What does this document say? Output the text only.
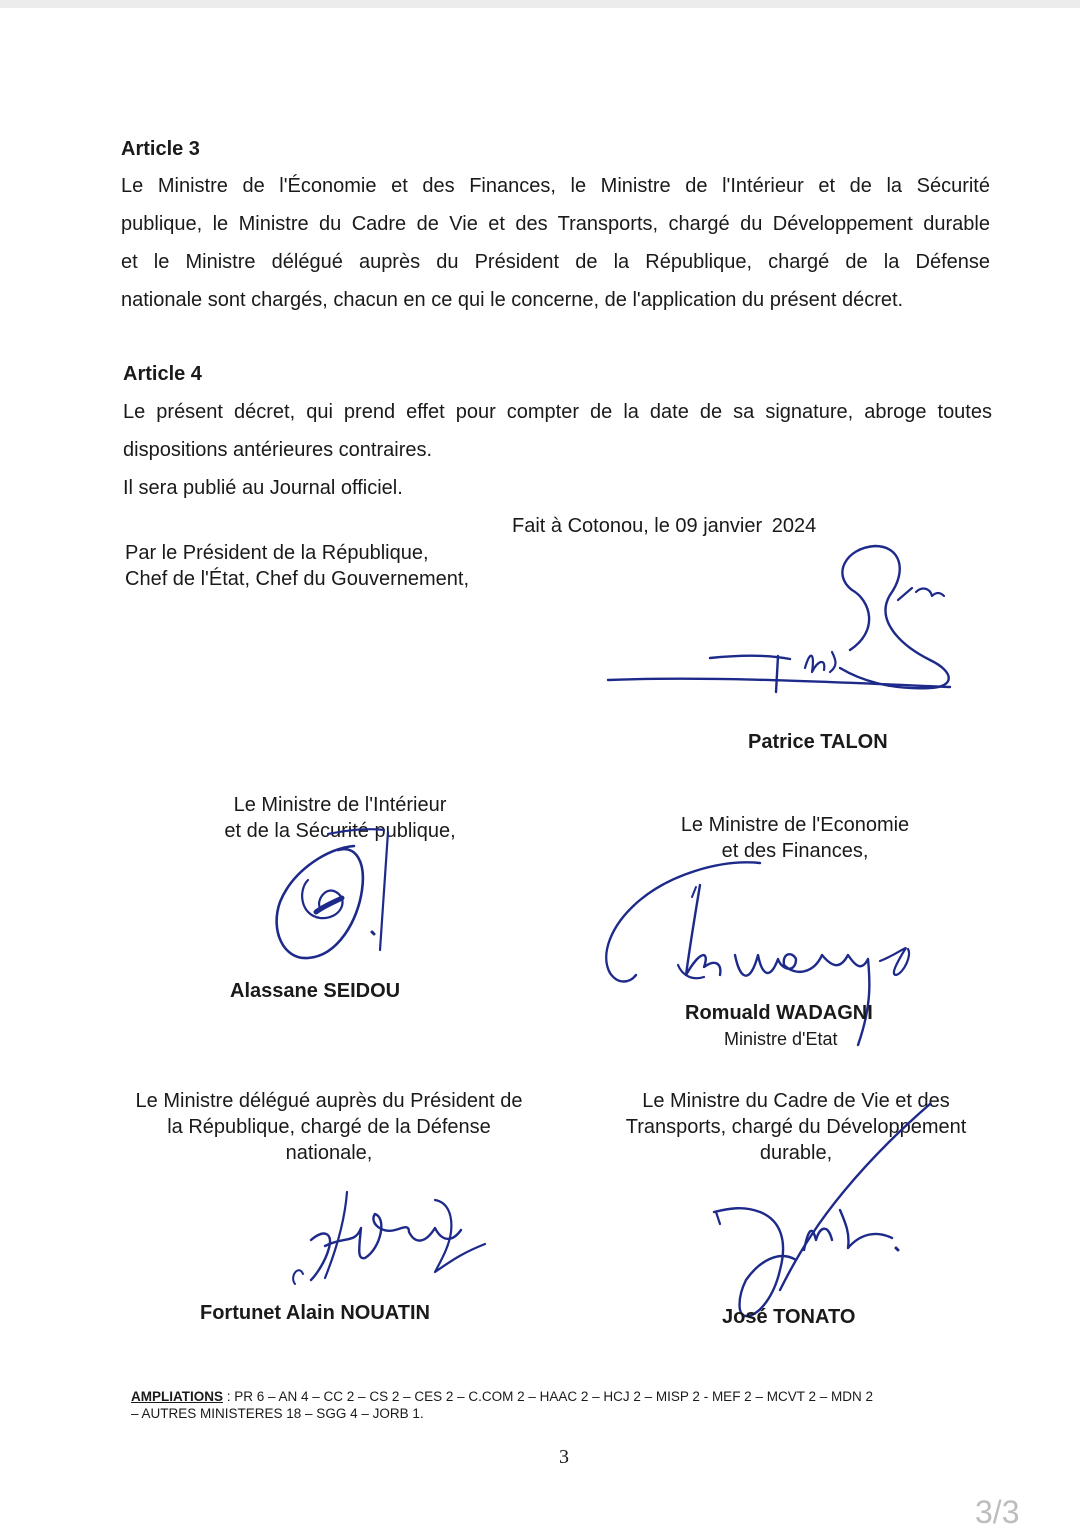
Article 3
Le Ministre de l'Économie et des Finances, le Ministre de l'Intérieur et de la Sécurité
publique, le Ministre du Cadre de Vie et des Transports, chargé du Développement durable
et le Ministre délégué auprès du Président de la République, chargé de la Défense
nationale sont chargés, chacun en ce qui le concerne, de l'application du présent décret.
Article 4
Le présent décret, qui prend effet pour compter de la date de sa signature, abroge toutes
dispositions antérieures contraires.
Il sera publié au Journal officiel.
Fait à Cotonou, le 09 janvier 2024
Par le Président de la République,
Chef de l'État, Chef du Gouvernement,
Patrice TALON
Le Ministre de l'Intérieur
et de la Sécurité publique,
Alassane SEIDOU
Le Ministre de l'Economie
et des Finances,
Romuald WADAGNI
Ministre d'Etat
Le Ministre délégué auprès du Président de
la République, chargé de la Défense
nationale,
Fortunet Alain NOUATIN
Le Ministre du Cadre de Vie et des
Transports, chargé du Développement
durable,
José TONATO
AMPLIATIONS : PR 6 – AN 4 – CC 2 – CS 2 – CES 2 – C.COM 2 – HAAC 2 – HCJ 2 – MISP 2 - MEF 2 – MCVT 2 – MDN 2
– AUTRES MINISTERES 18 – SGG 4 – JORB 1.
3
3/3
